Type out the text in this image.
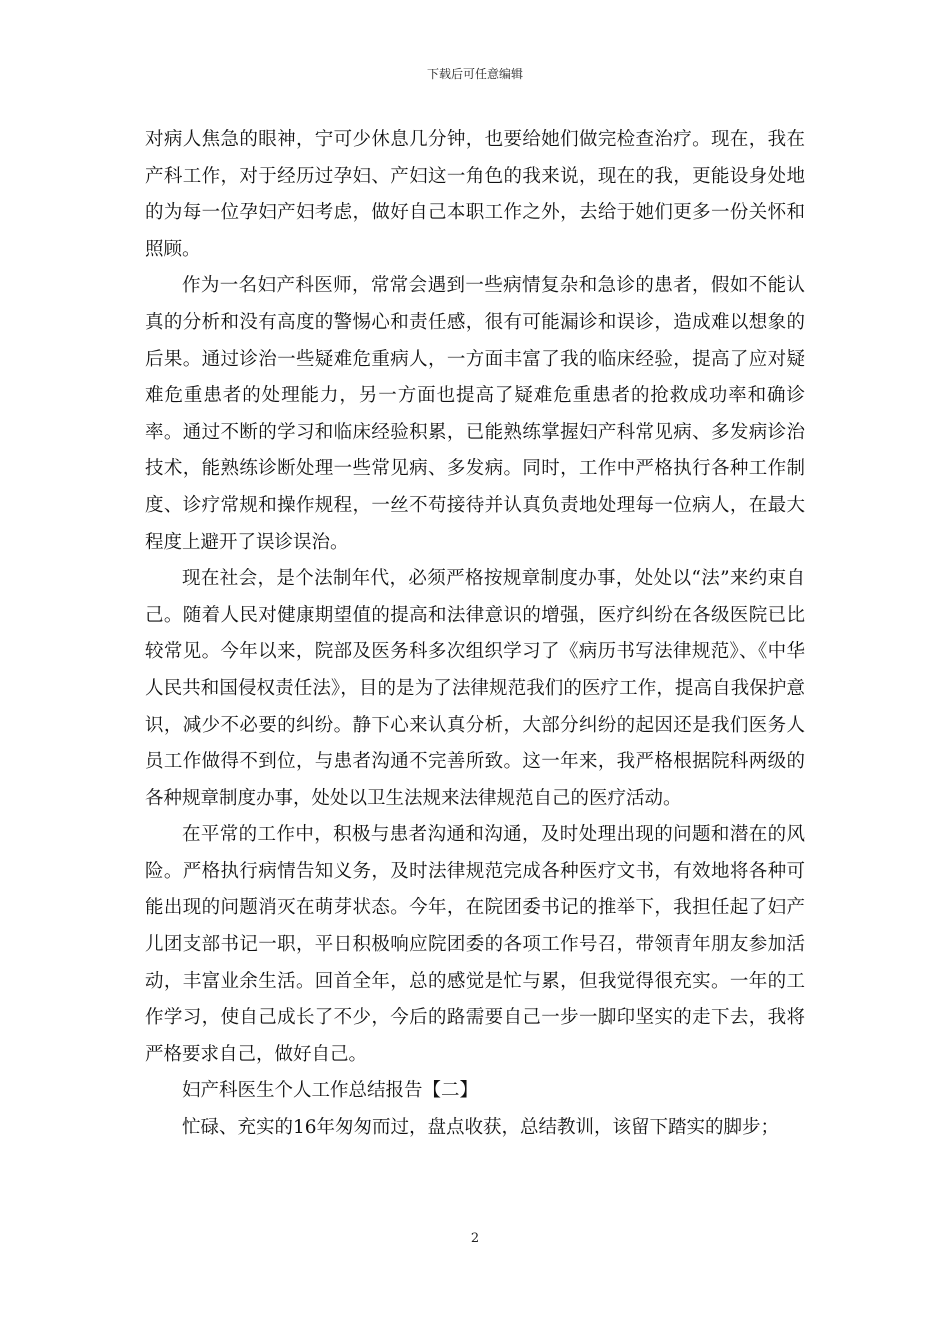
下载后可任意编辑

对病人焦急的眼神，宁可少休息几分钟，也要给她们做完检查治疗。现在，我在产科工作，对于经历过孕妇、产妇这一角色的我来说，现在的我，更能设身处地的为每一位孕妇产妇考虑，做好自己本职工作之外，去给于她们更多一份关怀和照顾。

作为一名妇产科医师，常常会遇到一些病情复杂和急诊的患者，假如不能认真的分析和没有高度的警惕心和责任感，很有可能漏诊和误诊，造成难以想象的后果。通过诊治一些疑难危重病人，一方面丰富了我的临床经验，提高了应对疑难危重患者的处理能力，另一方面也提高了疑难危重患者的抢救成功率和确诊率。通过不断的学习和临床经验积累，已能熟练掌握妇产科常见病、多发病诊治技术，能熟练诊断处理一些常见病、多发病。同时，工作中严格执行各种工作制度、诊疗常规和操作规程，一丝不苟接待并认真负责地处理每一位病人，在最大程度上避开了误诊误治。

现在社会，是个法制年代，必须严格按规章制度办事，处处以“法”来约束自己。随着人民对健康期望值的提高和法律意识的增强，医疗纠纷在各级医院已比较常见。今年以来，院部及医务科多次组织学习了《病历书写法律规范》、《中华人民共和国侵权责任法》，目的是为了法律规范我们的医疗工作，提高自我保护意识，减少不必要的纠纷。静下心来认真分析，大部分纠纷的起因还是我们医务人员工作做得不到位，与患者沟通不完善所致。这一年来，我严格根据院科两级的各种规章制度办事，处处以卫生法规来法律规范自己的医疗活动。

在平常的工作中，积极与患者沟通和沟通，及时处理出现的问题和潜在的风险。严格执行病情告知义务，及时法律规范完成各种医疗文书，有效地将各种可能出现的问题消灭在萌芽状态。今年，在院团委书记的推举下，我担任起了妇产儿团支部书记一职，平日积极响应院团委的各项工作号召，带领青年朋友参加活动，丰富业余生活。回首全年，总的感觉是忙与累，但我觉得很充实。一年的工作学习，使自己成长了不少，今后的路需要自己一步一脚印坚实的走下去，我将严格要求自己，做好自己。

妇产科医生个人工作总结报告【二】

忙碌、充实的16年匆匆而过，盘点收获，总结教训，该留下踏实的脚步；

2
